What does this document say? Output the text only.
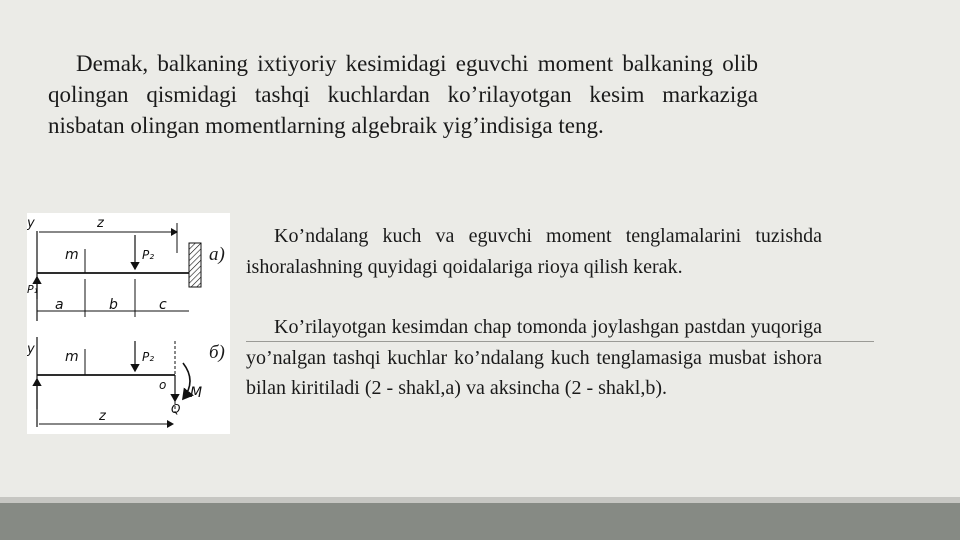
Demak, balkaning ixtiyoriy kesimidagi eguvchi moment balkaning olib qolingan qismidagi tashqi kuchlardan ko’rilayotgan kesim markaziga nisbatan olingan momentlarning algebraik yig’indisiga teng.

y	z
P₂
m
P₁
a	b	c
y	P₂
m
o M
Q
z
a)
б)

Ko’ndalang kuch va eguvchi moment tenglamalarini tuzishda ishoralashning quyidagi qoidalariga rioya qilish kerak.

Ko’rilayotgan kesimdan chap tomonda joylashgan pastdan yuqoriga yo’nalgan tashqi kuchlar ko’ndalang kuch tenglamasiga musbat ishora bilan kiritiladi (2 - shakl,a) va aksincha (2 - shakl,b).
